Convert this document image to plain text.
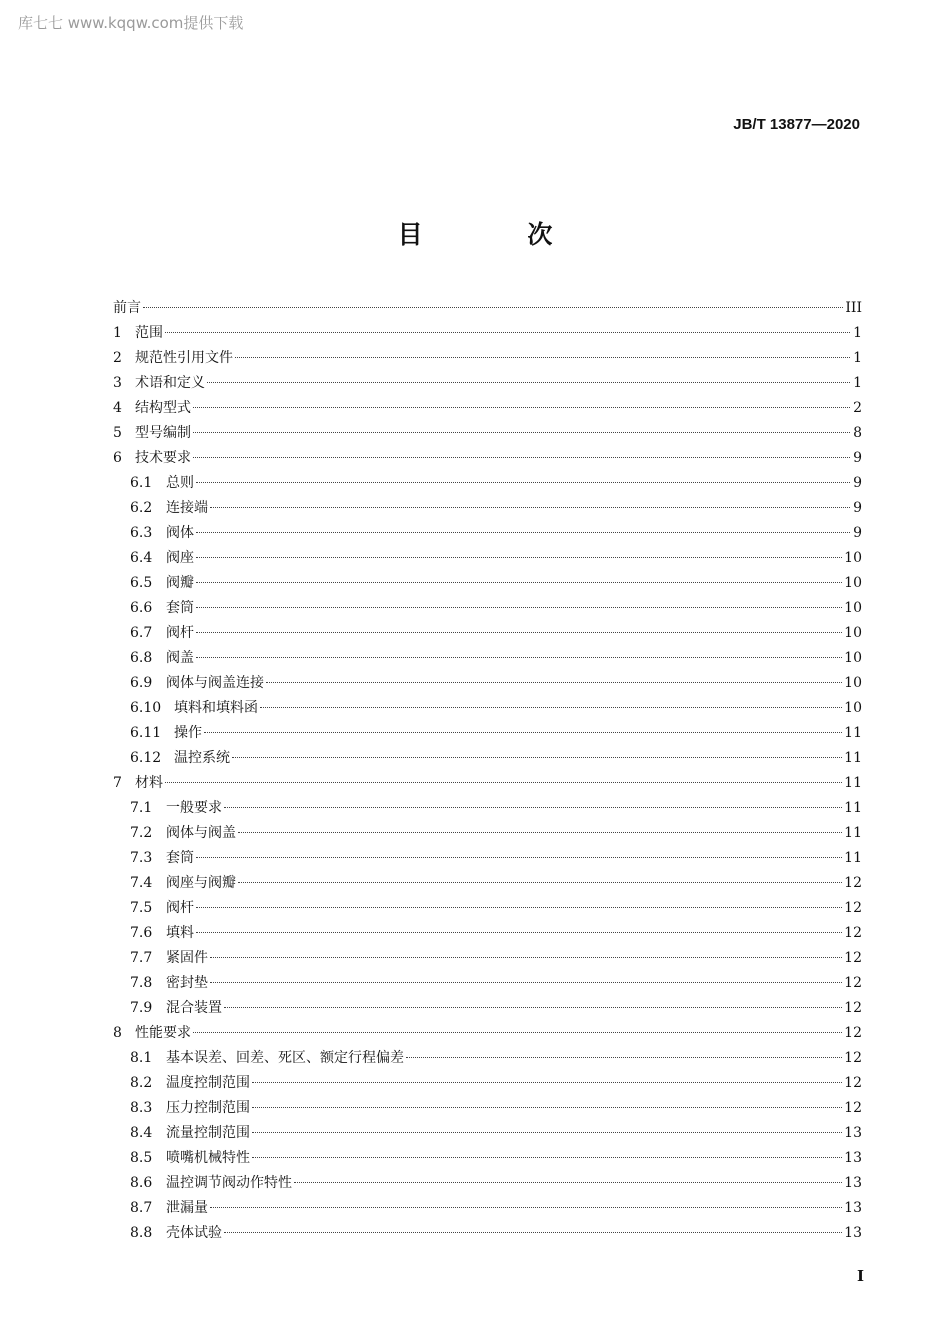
库七七 www.kqqw.com提供下载
JB/T 13877—2020
目 次
前言	III
1 范围	1
2 规范性引用文件	1
3 术语和定义	1
4 结构型式	2
5 型号编制	8
6 技术要求	9
6.1 总则	9
6.2 连接端	9
6.3 阀体	9
6.4 阀座	10
6.5 阀瓣	10
6.6 套筒	10
6.7 阀杆	10
6.8 阀盖	10
6.9 阀体与阀盖连接	10
6.10 填料和填料函	10
6.11 操作	11
6.12 温控系统	11
7 材料	11
7.1 一般要求	11
7.2 阀体与阀盖	11
7.3 套筒	11
7.4 阀座与阀瓣	12
7.5 阀杆	12
7.6 填料	12
7.7 紧固件	12
7.8 密封垫	12
7.9 混合装置	12
8 性能要求	12
8.1 基本误差、回差、死区、额定行程偏差	12
8.2 温度控制范围	12
8.3 压力控制范围	12
8.4 流量控制范围	13
8.5 喷嘴机械特性	13
8.6 温控调节阀动作特性	13
8.7 泄漏量	13
8.8 壳体试验	13
I
